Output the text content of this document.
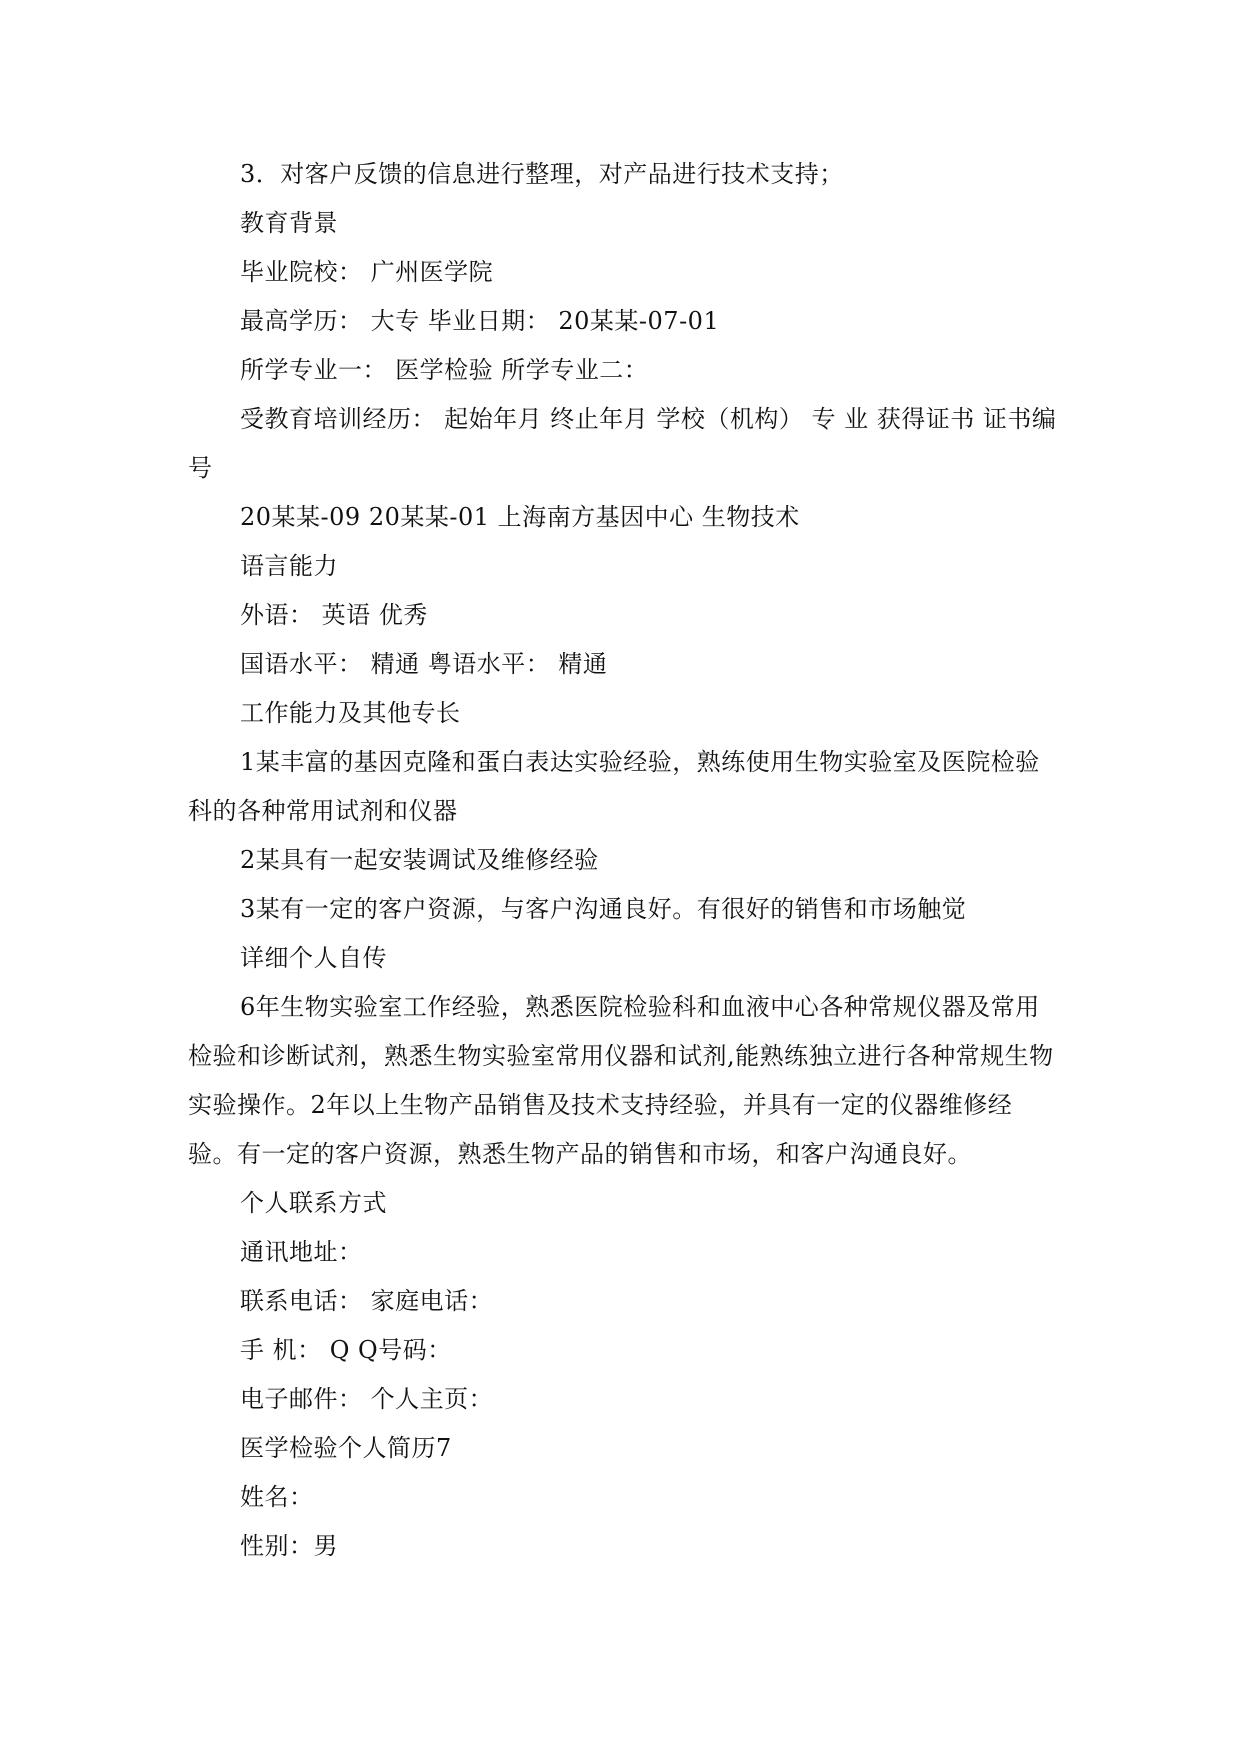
3．对客户反馈的信息进行整理，对产品进行技术支持；

教育背景

毕业院校： 广州医学院

最高学历： 大专 毕业日期： 20某某-07-01

所学专业一： 医学检验 所学专业二：

受教育培训经历： 起始年月 终止年月 学校（机构） 专 业 获得证书 证书编号

20某某-09 20某某-01 上海南方基因中心 生物技术

语言能力

外语： 英语 优秀

国语水平： 精通 粤语水平： 精通

工作能力及其他专长

1某丰富的基因克隆和蛋白表达实验经验，熟练使用生物实验室及医院检验科的各种常用试剂和仪器

2某具有一起安装调试及维修经验

3某有一定的客户资源，与客户沟通良好。有很好的销售和市场触觉

详细个人自传

6年生物实验室工作经验，熟悉医院检验科和血液中心各种常规仪器及常用检验和诊断试剂，熟悉生物实验室常用仪器和试剂,能熟练独立进行各种常规生物实验操作。2年以上生物产品销售及技术支持经验，并具有一定的仪器维修经验。有一定的客户资源，熟悉生物产品的销售和市场，和客户沟通良好。

个人联系方式

通讯地址：

联系电话： 家庭电话：

手 机： Q Q号码：

电子邮件： 个人主页：

医学检验个人简历7

姓名：

性别：男
